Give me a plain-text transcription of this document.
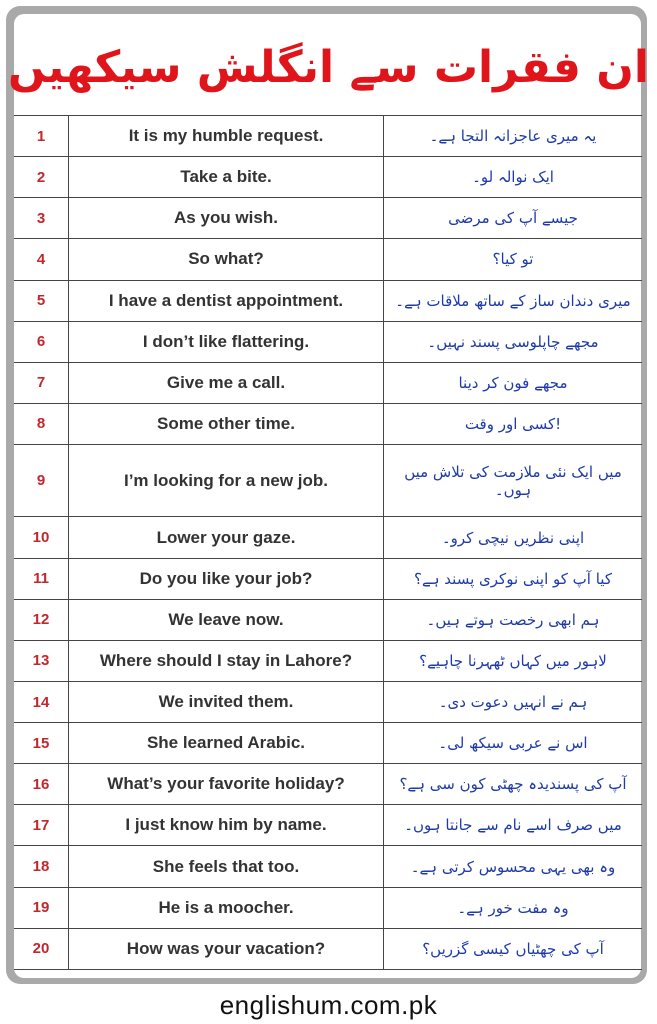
ان فقرات سے انگلش سیکھیں
1	It is my humble request.	یہ میری عاجزانہ التجا ہے۔
2	Take a bite.	ایک نوالہ لو۔
3	As you wish.	جیسے آپ کی مرضی
4	So what?	تو کیا؟
5	I have a dentist appointment.	میری دندان ساز کے ساتھ ملاقات ہے۔
6	I don’t like flattering.	مجھے چاپلوسی پسند نہیں۔
7	Give me a call.	مجھے فون کر دینا
8	Some other time.	!کسی اور وقت
9	I’m looking for a new job.	میں ایک نئی ملازمت کی تلاش میں ہوں۔
10	Lower your gaze.	اپنی نظریں نیچی کرو۔
11	Do you like your job?	کیا آپ کو اپنی نوکری پسند ہے؟
12	We leave now.	ہم ابھی رخصت ہوتے ہیں۔
13	Where should I stay in Lahore?	لاہور میں کہاں ٹھہرنا چاہیے؟
14	We invited them.	ہم نے انہیں دعوت دی۔
15	She learned Arabic.	اس نے عربی سیکھ لی۔
16	What’s your favorite holiday?	آپ کی پسندیدہ چھٹی کون سی ہے؟
17	I just know him by name.	میں صرف اسے نام سے جانتا ہوں۔
18	She feels that too.	وہ بھی یہی محسوس کرتی ہے۔
19	He is a moocher.	وہ مفت خور ہے۔
20	How was your vacation?	آپ کی چھٹیاں کیسی گزریں؟
englishum.com.pk
